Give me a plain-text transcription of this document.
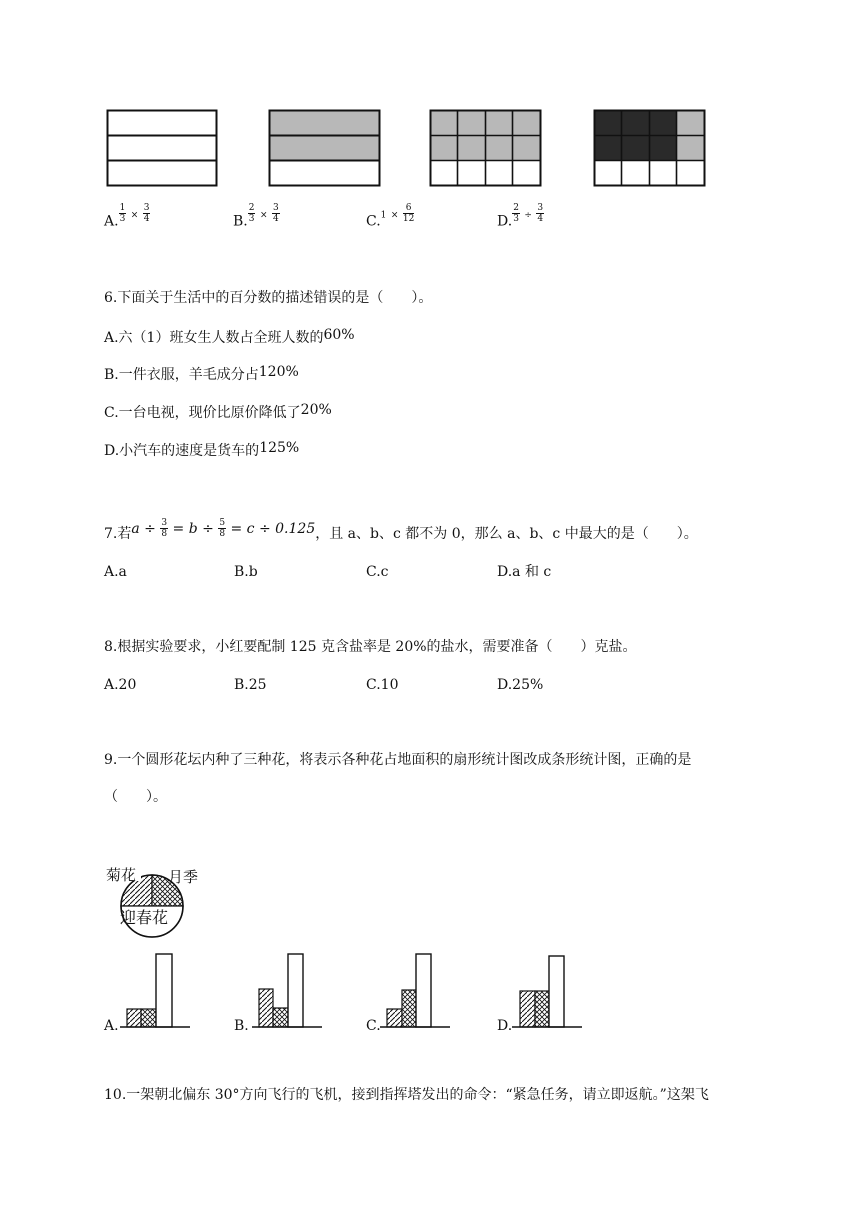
A. $\frac{1}{3} \times \frac{3}{4}$	B. $\frac{2}{3} \times \frac{3}{4}$	$C.1 \times \frac{6}{12}$	D. $\frac{2}{3} \div \frac{3}{4}$
6.下面关于生活中的百分数的描述错误的是（　　）。
A.六（1）班女生人数占全班人数的60%
B.一件衣服，羊毛成分占120%
C.一台电视，现价比原价降低了20%
D.小汽车的速度是货车的125%
7.若$a \div \frac{3}{8} = b \div \frac{5}{8} = c \div 0.125$，且 a、b、c 都不为 0，那么 a、b、c 中最大的是（　　）。
A.a	B.b	C.c	D.a 和 c
8.根据实验要求，小红要配制 125 克含盐率是 20%的盐水，需要准备（　　）克盐。
A.20	B.25	C.10	D.25%
9.一个圆形花坛内种了三种花，将表示各种花占地面积的扇形统计图改成条形统计图，正确的是
（　　）。
菊花 月季
迎春花
A.	B.	C.	D.
10.一架朝北偏东 30°方向飞行的飞机，接到指挥塔发出的命令：“紧急任务，请立即返航。”这架飞
